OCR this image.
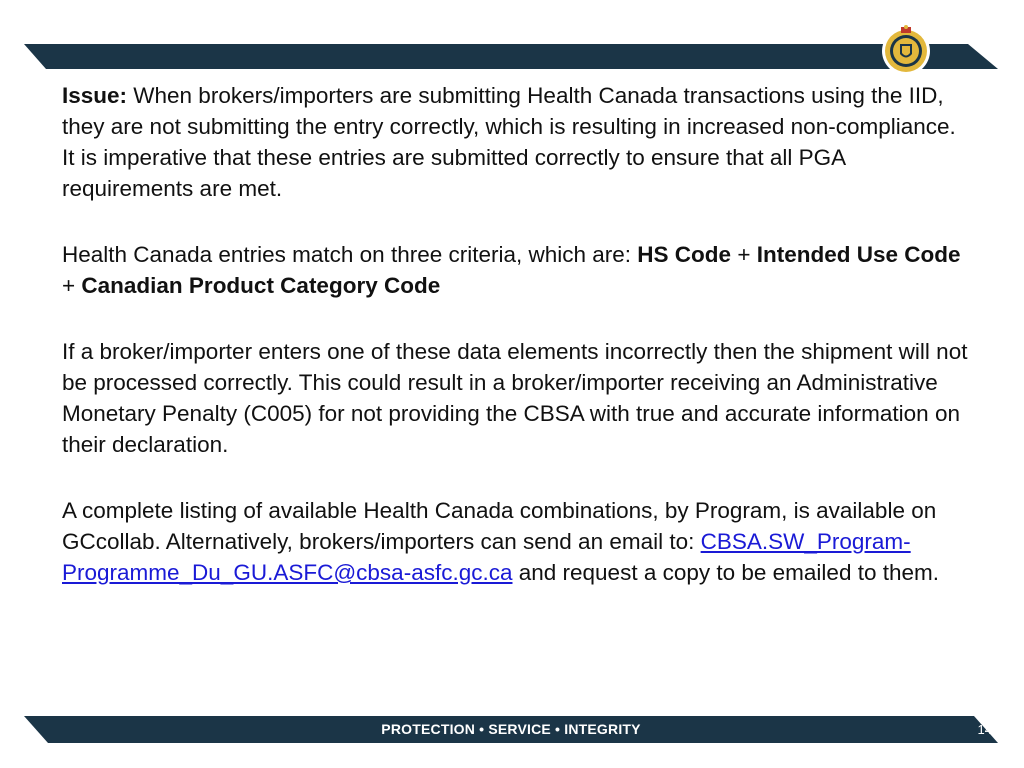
Issue: When brokers/importers are submitting Health Canada transactions using the IID, they are not submitting the entry correctly, which is resulting in increased non-compliance. It is imperative that these entries are submitted correctly to ensure that all PGA requirements are met.

Health Canada entries match on three criteria, which are: HS Code + Intended Use Code + Canadian Product Category Code

If a broker/importer enters one of these data elements incorrectly then the shipment will not be processed correctly. This could result in a broker/importer receiving an Administrative Monetary Penalty (C005) for not providing the CBSA with true and accurate information on their declaration.

A complete listing of available Health Canada combinations, by Program, is available on GCcollab. Alternatively, brokers/importers can send an email to: CBSA.SW_Program-Programme_Du_GU.ASFC@cbsa-asfc.gc.ca and request a copy to be emailed to them.

PROTECTION • SERVICE • INTEGRITY	14
